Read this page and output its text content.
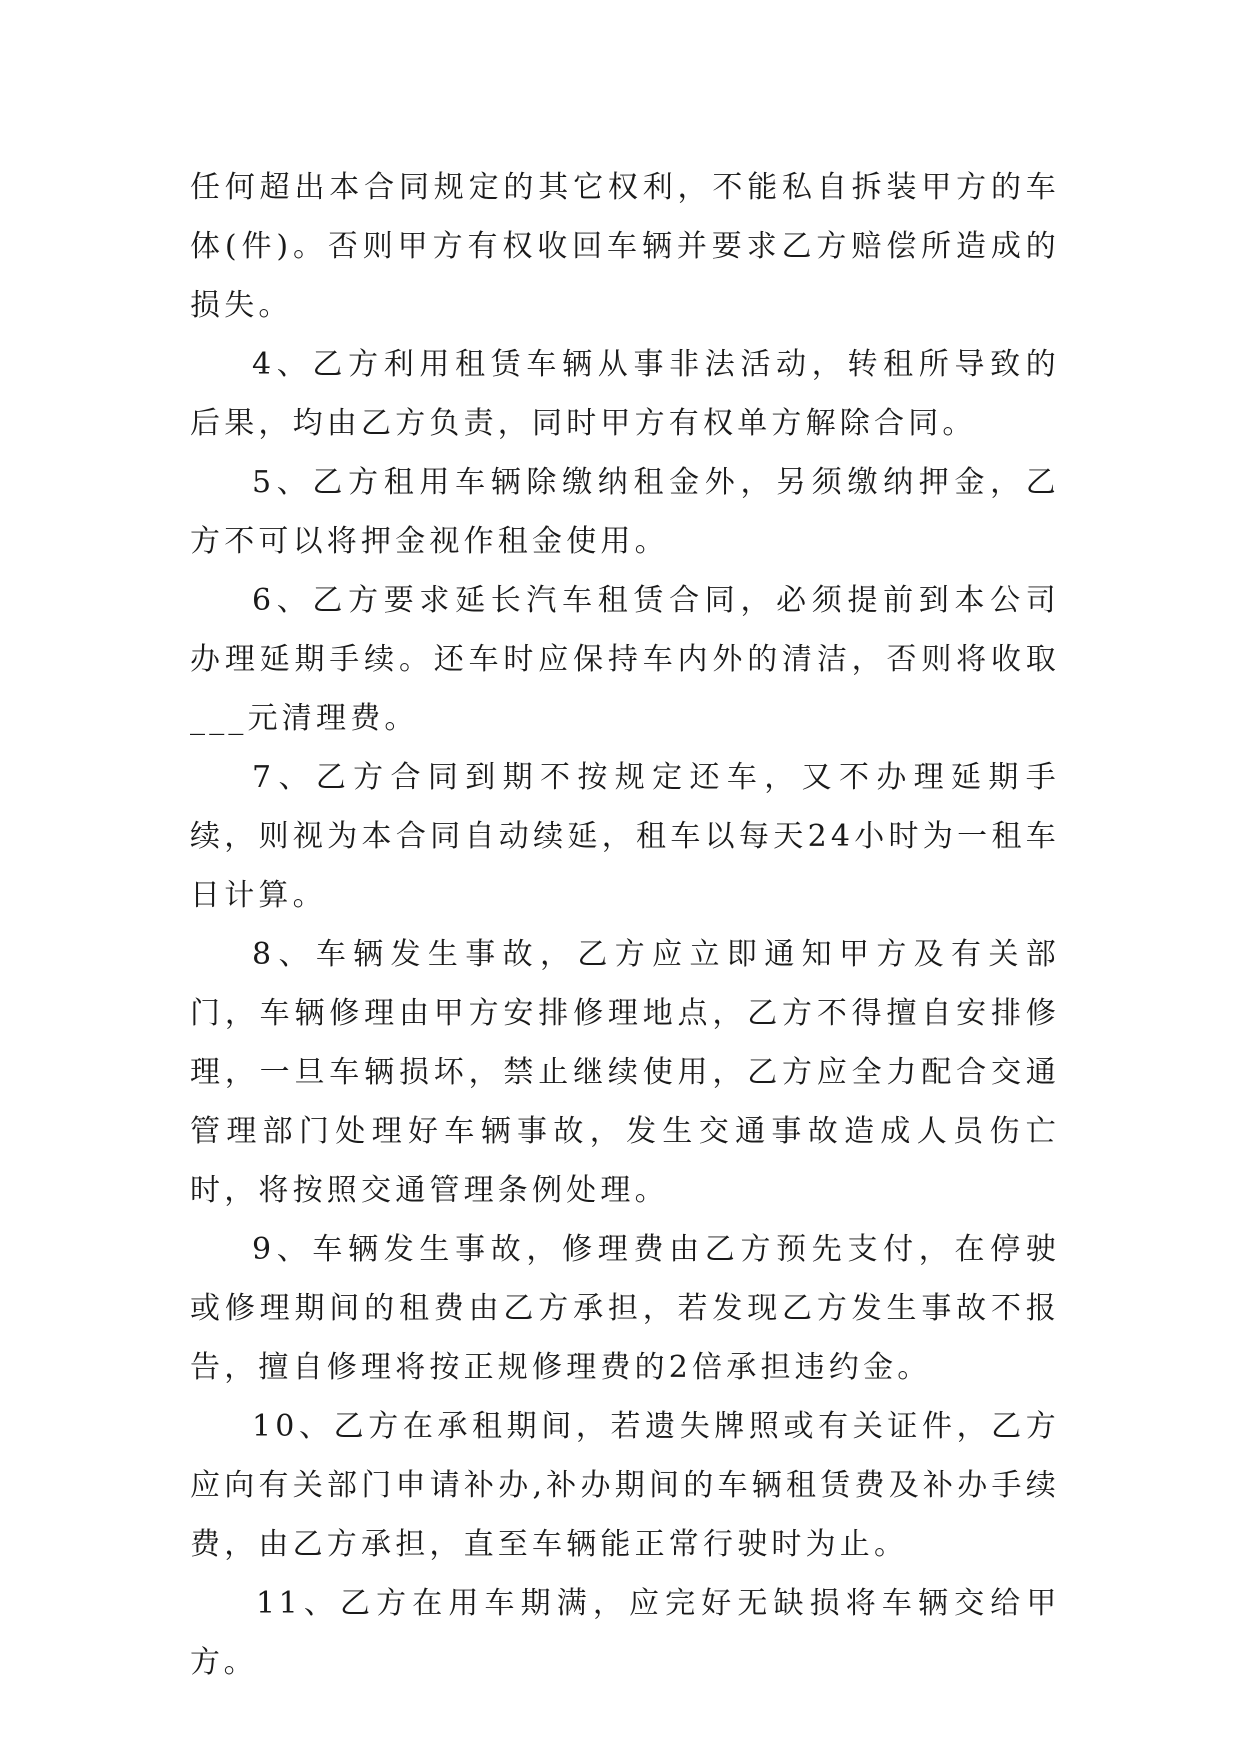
任何超出本合同规定的其它权利，不能私自拆装甲方的车体(件)。否则甲方有权收回车辆并要求乙方赔偿所造成的损失。

4、乙方利用租赁车辆从事非法活动，转租所导致的后果，均由乙方负责，同时甲方有权单方解除合同。

5、乙方租用车辆除缴纳租金外，另须缴纳押金，乙方不可以将押金视作租金使用。

6、乙方要求延长汽车租赁合同，必须提前到本公司办理延期手续。还车时应保持车内外的清洁，否则将收取___元清理费。

7、乙方合同到期不按规定还车，又不办理延期手续，则视为本合同自动续延，租车以每天24小时为一租车日计算。

8、车辆发生事故，乙方应立即通知甲方及有关部门，车辆修理由甲方安排修理地点，乙方不得擅自安排修理，一旦车辆损坏，禁止继续使用，乙方应全力配合交通管理部门处理好车辆事故，发生交通事故造成人员伤亡时，将按照交通管理条例处理。

9、车辆发生事故，修理费由乙方预先支付，在停驶或修理期间的租费由乙方承担，若发现乙方发生事故不报告，擅自修理将按正规修理费的2倍承担违约金。

10、乙方在承租期间，若遗失牌照或有关证件，乙方应向有关部门申请补办,补办期间的车辆租赁费及补办手续费，由乙方承担，直至车辆能正常行驶时为止。

11、乙方在用车期满，应完好无缺损将车辆交给甲方。
